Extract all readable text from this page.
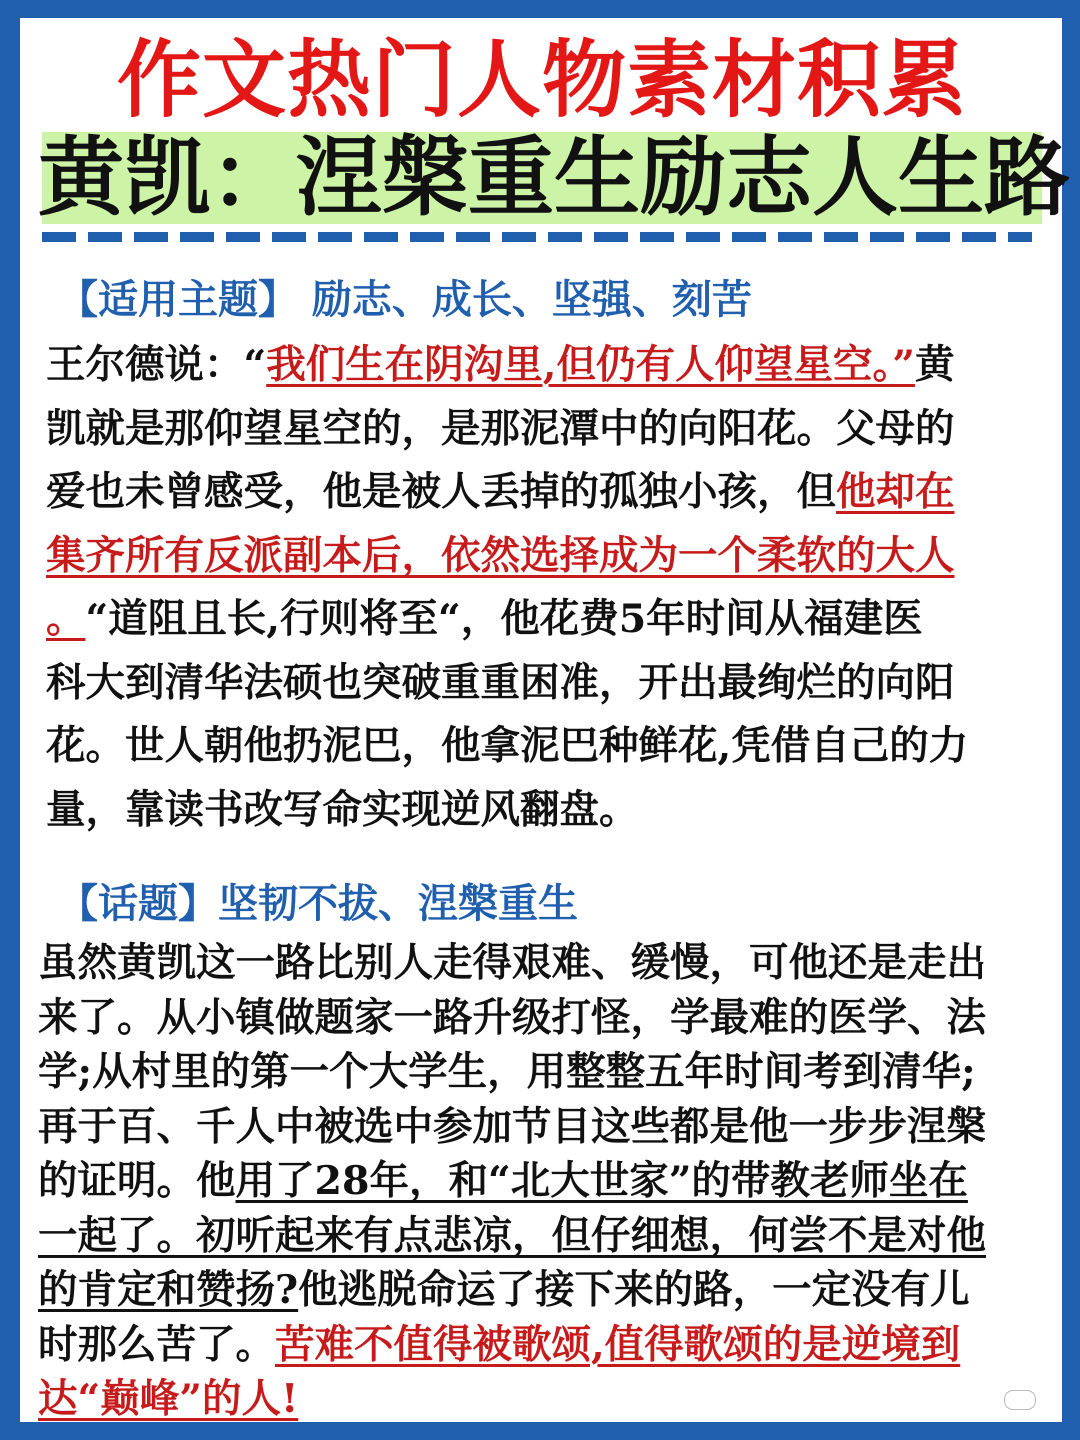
作文热门人物素材积累
黄凯：涅槃重生励志人生路
【适用主题】 励志、成长、坚强、刻苦
王尔德说：“我们生在阴沟里,但仍有人仰望星空。”黄
凯就是那仰望星空的，是那泥潭中的向阳花。父母的
爱也未曾感受，他是被人丢掉的孤独小孩，但他却在
集齐所有反派副本后，依然选择成为一个柔软的大人
。“道阻且长,行则将至“，他花费5年时间从福建医
科大到清华法硕也突破重重困准，开出最绚烂的向阳
花。世人朝他扔泥巴，他拿泥巴种鲜花,凭借自己的力
量，靠读书改写命实现逆风翻盘。
【话题】坚韧不拔、涅槃重生
虽然黄凯这一路比别人走得艰难、缓慢，可他还是走出
来了。从小镇做题家一路升级打怪，学最难的医学、法
学;从村里的第一个大学生，用整整五年时间考到清华;
再于百、千人中被选中参加节目这些都是他一步步涅槃
的证明。他用了28年，和“北大世家”的带教老师坐在
一起了。初听起来有点悲凉，但仔细想，何尝不是对他
的肯定和赞扬?他逃脱命运了接下来的路，一定没有儿
时那么苦了。苦难不值得被歌颂,值得歌颂的是逆境到
达“巅峰”的人!
